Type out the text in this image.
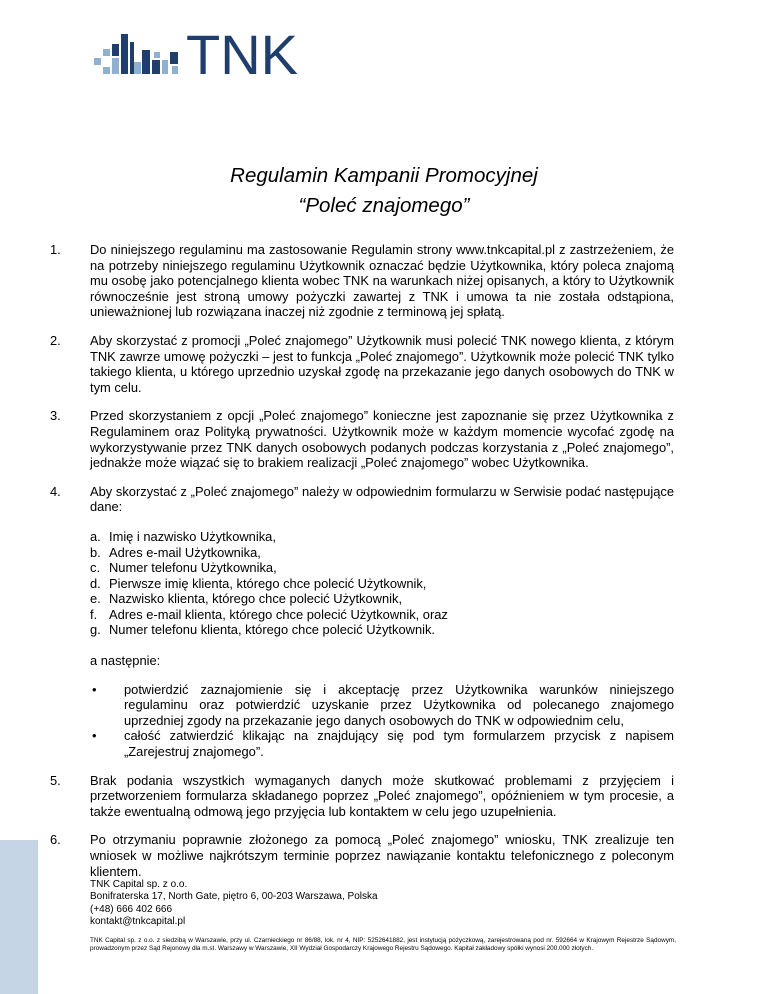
TNK
Regulamin Kampanii Promocyjnej
“Poleć znajomego”
1. Do niniejszego regulaminu ma zastosowanie Regulamin strony www.tnkcapital.pl z zastrzeżeniem, że na potrzeby niniejszego regulaminu Użytkownik oznaczać będzie Użytkownika, który poleca znajomą mu osobę jako potencjalnego klienta wobec TNK na warunkach niżej opisanych, a który to Użytkownik równocześnie jest stroną umowy pożyczki zawartej z TNK i umowa ta nie została odstąpiona, unieważnionej lub rozwiązana inaczej niż zgodnie z terminową jej spłatą.

2. Aby skorzystać z promocji „Poleć znajomego” Użytkownik musi polecić TNK nowego klienta, z którym TNK zawrze umowę pożyczki – jest to funkcja „Poleć znajomego”. Użytkownik może polecić TNK tylko takiego klienta, u którego uprzednio uzyskał zgodę na przekazanie jego danych osobowych do TNK w tym celu.

3. Przed skorzystaniem z opcji „Poleć znajomego” konieczne jest zapoznanie się przez Użytkownika z Regulaminem oraz Polityką prywatności. Użytkownik może w każdym momencie wycofać zgodę na wykorzystywanie przez TNK danych osobowych podanych podczas korzystania z „Poleć znajomego”, jednakże może wiązać się to brakiem realizacji „Poleć znajomego” wobec Użytkownika.

4. Aby skorzystać z „Poleć znajomego” należy w odpowiednim formularzu w Serwisie podać następujące dane:

a. Imię i nazwisko Użytkownika,
b. Adres e-mail Użytkownika,
c. Numer telefonu Użytkownika,
d. Pierwsze imię klienta, którego chce polecić Użytkownik,
e. Nazwisko klienta, którego chce polecić Użytkownik,
f. Adres e-mail klienta, którego chce polecić Użytkownik, oraz
g. Numer telefonu klienta, którego chce polecić Użytkownik.

a następnie:

• potwierdzić zaznajomienie się i akceptację przez Użytkownika warunków niniejszego regulaminu oraz potwierdzić uzyskanie przez Użytkownika od polecanego znajomego uprzedniej zgody na przekazanie jego danych osobowych do TNK w odpowiednim celu,
• całość zatwierdzić klikając na znajdujący się pod tym formularzem przycisk z napisem „Zarejestruj znajomego”.
5. Brak podania wszystkich wymaganych danych może skutkować problemami z przyjęciem i przetworzeniem formularza składanego poprzez „Poleć znajomego”, opóźnieniem w tym procesie, a także ewentualną odmową jego przyjęcia lub kontaktem w celu jego uzupełnienia.

6. Po otrzymaniu poprawnie złożonego za pomocą „Poleć znajomego” wniosku, TNK zrealizuje ten wniosek w możliwe najkrótszym terminie poprzez nawiązanie kontaktu telefonicznego z poleconym klientem.

TNK Capital sp. z o.o.
Bonifraterska 17, North Gate, piętro 6, 00-203 Warszawa, Polska
(+48) 666 402 666
kontakt@tnkcapital.pl
TNK Capital sp. z o.o. z siedzibą w Warszawie, przy ul. Czarnieckiego nr 86/88, lok. nr 4, NIP: 5252641882, jest instytucją pożyczkową, zarejestrowaną pod nr. 592664 w Krajowym Rejestrze Sądowym, prowadzonym przez Sąd Rejonowy dla m.st. Warszawy w Warszawie, XII Wydział Gospodarczy Krajowego Rejestru Sądowego. Kapitał zakładowy spółki wynosi 200.000 złotych.
